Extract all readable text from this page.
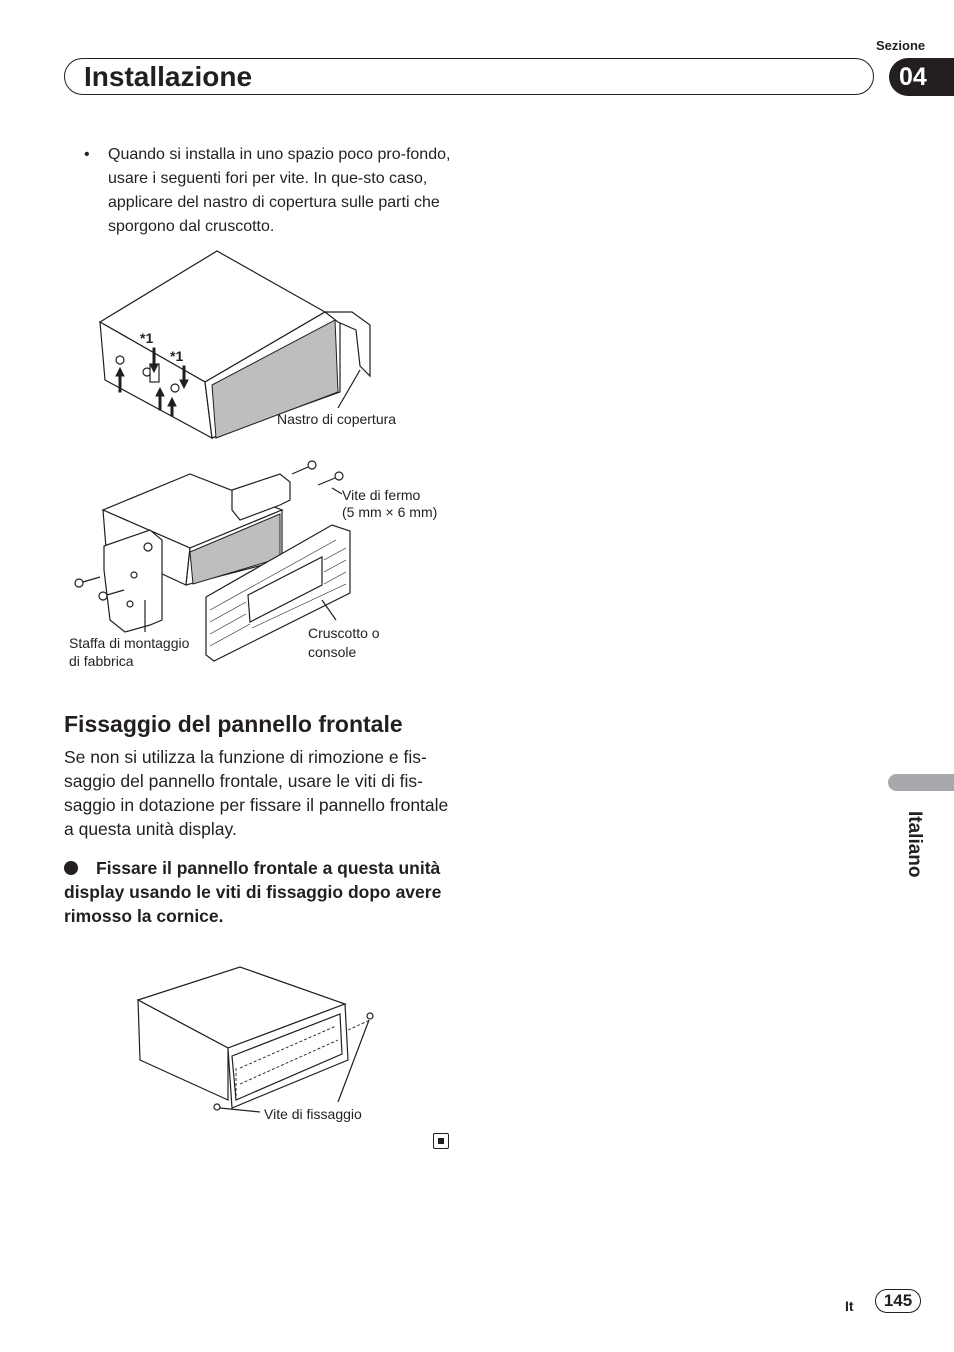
Sezione
Installazione	04
• Quando si installa in uno spazio poco pro-fondo, usare i seguenti fori per vite. In que-sto caso, applicare del nastro di copertura sulle parti che sporgono dal cruscotto.
*1
*1
Nastro di copertura
Vite di fermo
(5 mm × 6 mm)
Staffa di montaggio
di fabbrica
Cruscotto o
console
Fissaggio del pannello frontale
Se non si utilizza la funzione di rimozione e fis-saggio del pannello frontale, usare le viti di fis-saggio in dotazione per fissare il pannello frontale a questa unità display.
Fissare il pannello frontale a questa unità display usando le viti di fissaggio dopo avere rimosso la cornice.
Vite di fissaggio
Italiano
It	145
